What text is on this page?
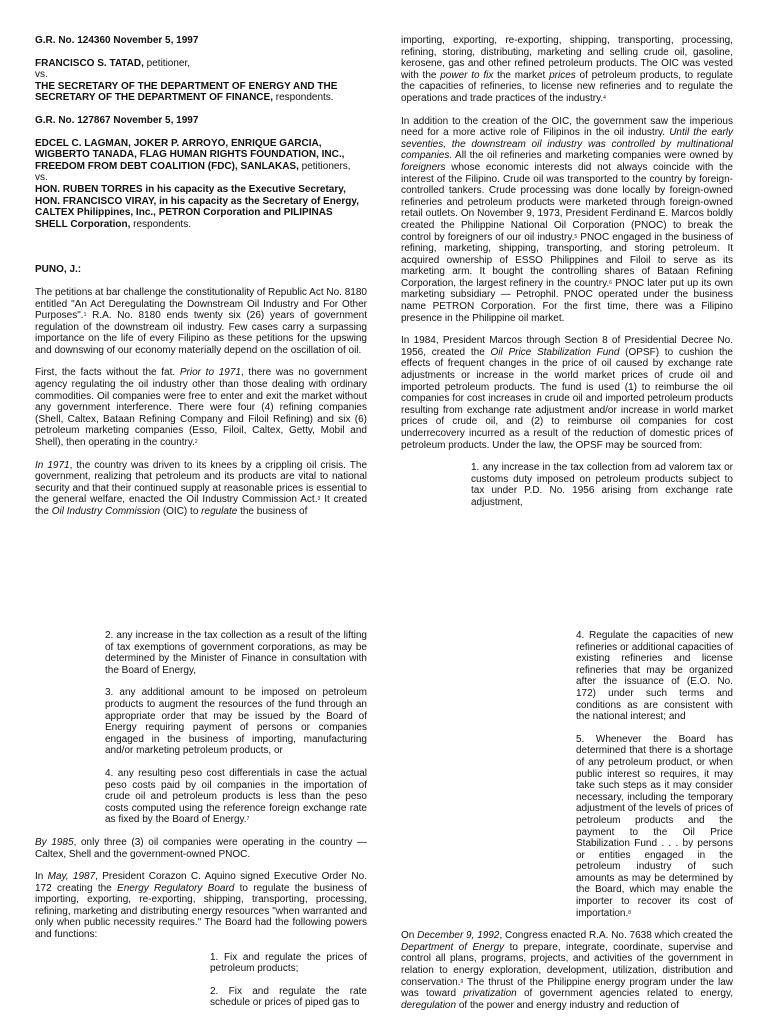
G.R. No. 124360 November 5, 1997

FRANCISCO S. TATAD, petitioner,

vs.

THE SECRETARY OF THE DEPARTMENT OF ENERGY AND THE SECRETARY OF THE DEPARTMENT OF FINANCE, respondents.

G.R. No. 127867 November 5, 1997

EDCEL C. LAGMAN, JOKER P. ARROYO, ENRIQUE GARCIA, WIGBERTO TANADA, FLAG HUMAN RIGHTS FOUNDATION, INC., FREEDOM FROM DEBT COALITION (FDC), SANLAKAS, petitioners,

vs.

HON. RUBEN TORRES in his capacity as the Executive Secretary, HON. FRANCISCO VIRAY, in his capacity as the Secretary of Energy, CALTEX Philippines, Inc., PETRON Corporation and PILIPINAS SHELL Corporation, respondents.

PUNO, J.:

The petitions at bar challenge the constitutionality of Republic Act No. 8180 entitled "An Act Deregulating the Downstream Oil Industry and For Other Purposes".$^1$ R.A. No. 8180 ends twenty six (26) years of government regulation of the downstream oil industry. Few cases carry a surpassing importance on the life of every Filipino as these petitions for the upswing and downswing of our economy materially depend on the oscillation of oil.

First, the facts without the fat. Prior to 1971, there was no government agency regulating the oil industry other than those dealing with ordinary commodities. Oil companies were free to enter and exit the market without any government interference. There were four (4) refining companies (Shell, Caltex, Bataan Refining Company and Filoil Refining) and six (6) petroleum marketing companies (Esso, Filoil, Caltex, Getty, Mobil and Shell), then operating in the country.$^2$

In 1971, the country was driven to its knees by a crippling oil crisis. The government, realizing that petroleum and its products are vital to national security and that their continued supply at reasonable prices is essential to the general welfare, enacted the Oil Industry Commission Act.$^3$ It created the Oil Industry Commission (OIC) to regulate the business of

importing, exporting, re-exporting, shipping, transporting, processing, refining, storing, distributing, marketing and selling crude oil, gasoline, kerosene, gas and other refined petroleum products. The OIC was vested with the power to fix the market prices of petroleum products, to regulate the capacities of refineries, to license new refineries and to regulate the operations and trade practices of the industry.$^4$

In addition to the creation of the OIC, the government saw the imperious need for a more active role of Filipinos in the oil industry. Until the early seventies, the downstream oil industry was controlled by multinational companies. All the oil refineries and marketing companies were owned by foreigners whose economic interests did not always coincide with the interest of the Filipino. Crude oil was transported to the country by foreign-controlled tankers. Crude processing was done locally by foreign-owned refineries and petroleum products were marketed through foreign-owned retail outlets. On November 9, 1973, President Ferdinand E. Marcos boldly created the Philippine National Oil Corporation (PNOC) to break the control by foreigners of our oil industry.$^5$ PNOC engaged in the business of refining, marketing, shipping, transporting, and storing petroleum. It acquired ownership of ESSO Philippines and Filoil to serve as its marketing arm. It bought the controlling shares of Bataan Refining Corporation, the largest refinery in the country.$^6$ PNOC later put up its own marketing subsidiary — Petrophil. PNOC operated under the business name PETRON Corporation. For the first time, there was a Filipino presence in the Philippine oil market.

In 1984, President Marcos through Section 8 of Presidential Decree No. 1956, created the Oil Price Stabilization Fund (OPSF) to cushion the effects of frequent changes in the price of oil caused by exchange rate adjustments or increase in the world market prices of crude oil and imported petroleum products. The fund is used (1) to reimburse the oil companies for cost increases in crude oil and imported petroleum products resulting from exchange rate adjustment and/or increase in world market prices of crude oil, and (2) to reimburse oil companies for cost underrecovery incurred as a result of the reduction of domestic prices of petroleum products. Under the law, the OPSF may be sourced from:

1. any increase in the tax collection from ad valorem tax or customs duty imposed on petroleum products subject to tax under P.D. No. 1956 arising from exchange rate adjustment,

2. any increase in the tax collection as a result of the lifting of tax exemptions of government corporations, as may be determined by the Minister of Finance in consultation with the Board of Energy,

3. any additional amount to be imposed on petroleum products to augment the resources of the fund through an appropriate order that may be issued by the Board of Energy requiring payment of persons or companies engaged in the business of importing, manufacturing and/or marketing petroleum products, or

4. any resulting peso cost differentials in case the actual peso costs paid by oil companies in the importation of crude oil and petroleum products is less than the peso costs computed using the reference foreign exchange rate as fixed by the Board of Energy.$^7$

By 1985, only three (3) oil companies were operating in the country — Caltex, Shell and the government-owned PNOC.

In May, 1987, President Corazon C. Aquino signed Executive Order No. 172 creating the Energy Regulatory Board to regulate the business of importing, exporting, re-exporting, shipping, transporting, processing, refining, marketing and distributing energy resources "when warranted and only when public necessity requires." The Board had the following powers and functions:

1. Fix and regulate the prices of petroleum products;

2. Fix and regulate the rate schedule or prices of piped gas to

4. Regulate the capacities of new refineries or additional capacities of existing refineries and license refineries that may be organized after the issuance of (E.O. No. 172) under such terms and conditions as are consistent with the national interest; and

5. Whenever the Board has determined that there is a shortage of any petroleum product, or when public interest so requires, it may take such steps as it may consider necessary, including the temporary adjustment of the levels of prices of petroleum products and the payment to the Oil Price Stabilization Fund . . . by persons or entities engaged in the petroleum industry of such amounts as may be determined by the Board, which may enable the importer to recover its cost of importation.$^8$

On December 9, 1992, Congress enacted R.A. No. 7638 which created the Department of Energy to prepare, integrate, coordinate, supervise and control all plans, programs, projects, and activities of the government in relation to energy exploration, development, utilization, distribution and conservation.$^9$ The thrust of the Philippine energy program under the law was toward privatization of government agencies related to energy, deregulation of the power and energy industry and reduction of
